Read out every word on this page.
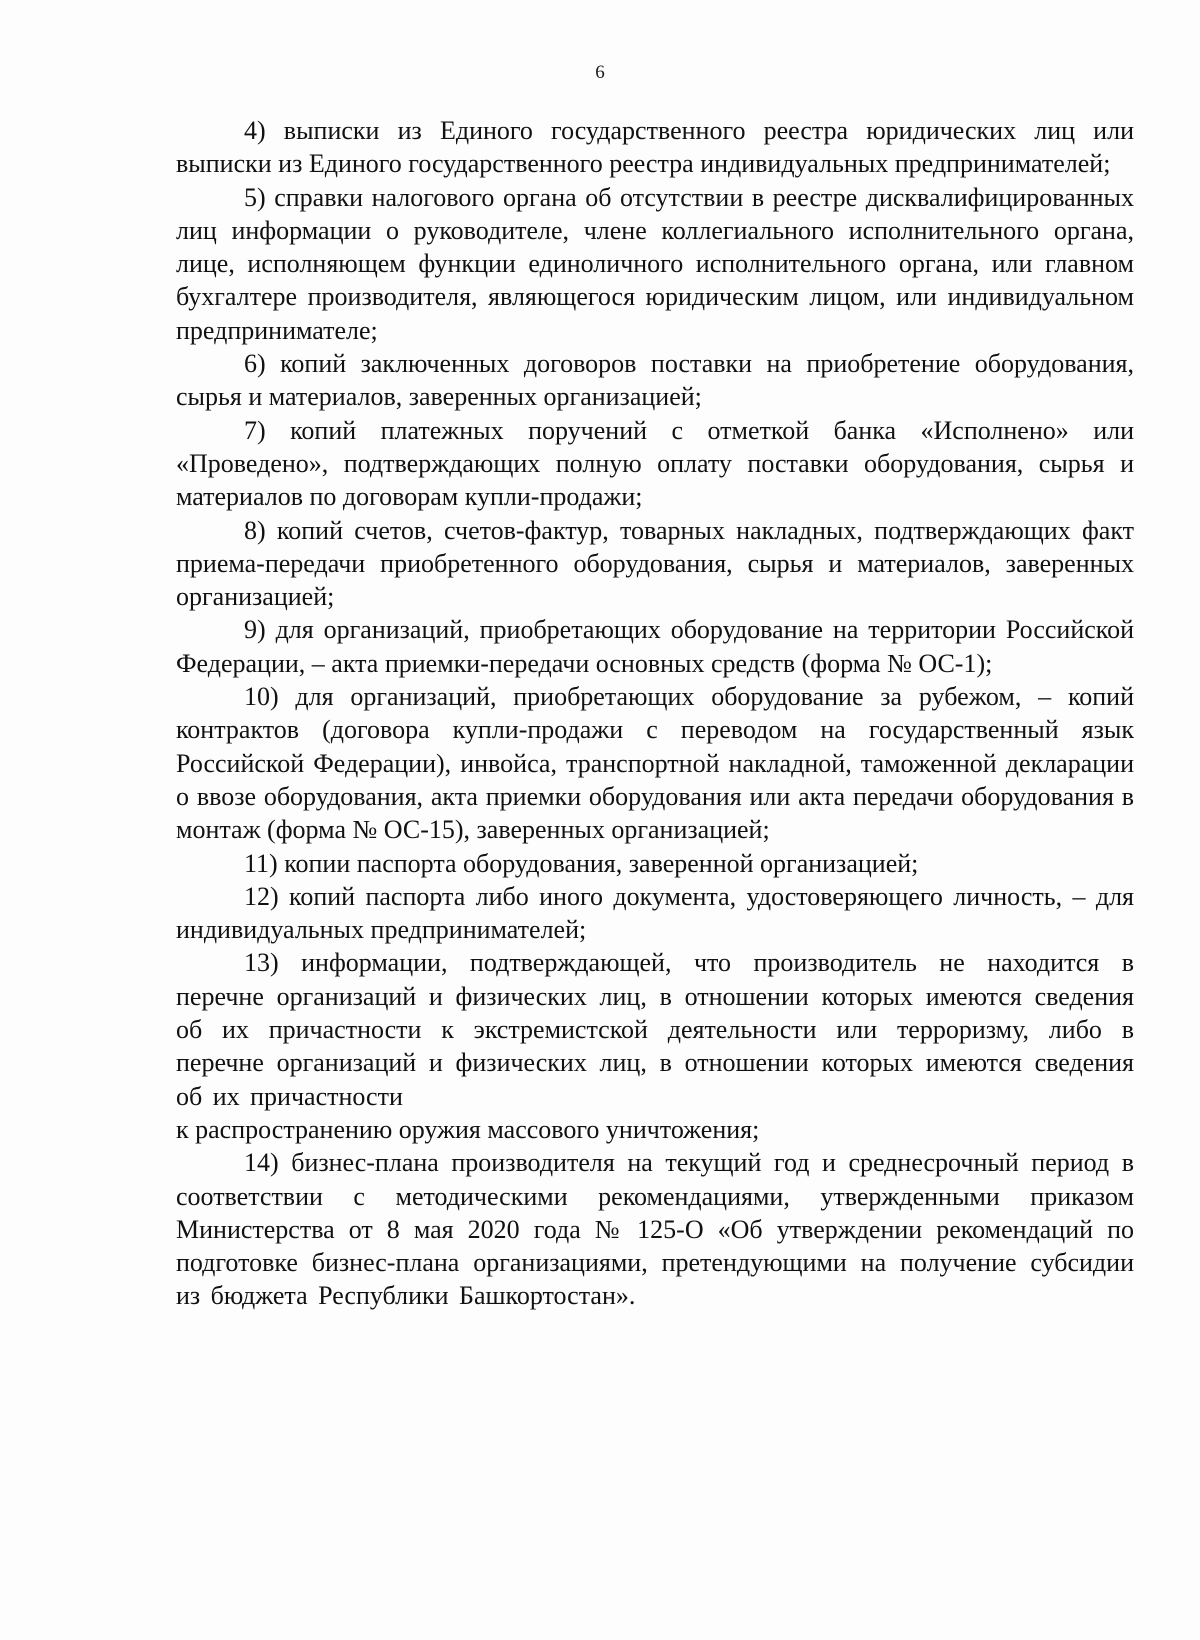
6

4) выписки из Единого государственного реестра юридических лиц или выписки из Единого государственного реестра индивидуальных предпринимателей;

5) справки налогового органа об отсутствии в реестре дисквалифицированных лиц информации о руководителе, члене коллегиального исполнительного органа, лице, исполняющем функции единоличного исполнительного органа, или главном бухгалтере производителя, являющегося юридическим лицом, или индивидуальном предпринимателе;

6) копий заключенных договоров поставки на приобретение оборудования, сырья и материалов, заверенных организацией;

7) копий платежных поручений с отметкой банка «Исполнено» или «Проведено», подтверждающих полную оплату поставки оборудования, сырья и материалов по договорам купли-продажи;

8) копий счетов, счетов-фактур, товарных накладных, подтверждающих факт приема-передачи приобретенного оборудования, сырья и материалов, заверенных организацией;

9) для организаций, приобретающих оборудование на территории Российской Федерации, – акта приемки-передачи основных средств (форма № ОС-1);

10) для организаций, приобретающих оборудование за рубежом, – копий контрактов (договора купли-продажи с переводом на государственный язык Российской Федерации), инвойса, транспортной накладной, таможенной декларации о ввозе оборудования, акта приемки оборудования или акта передачи оборудования в монтаж (форма № ОС-15), заверенных организацией;

11) копии паспорта оборудования, заверенной организацией;

12) копий паспорта либо иного документа, удостоверяющего личность, – для индивидуальных предпринимателей;

13) информации, подтверждающей, что производитель не находится в перечне организаций и физических лиц, в отношении которых имеются сведения об их причастности к экстремистской деятельности или терроризму, либо в перечне организаций и физических лиц, в отношении которых имеются сведения об их причастности

к распространению оружия массового уничтожения;

14) бизнес-плана производителя на текущий год и среднесрочный период в соответствии с методическими рекомендациями, утвержденными приказом Министерства от 8 мая 2020 года № 125-О «Об утверждении рекомендаций по подготовке бизнес-плана организациями, претендующими на получение субсидии из бюджета Республики Башкортостан».
